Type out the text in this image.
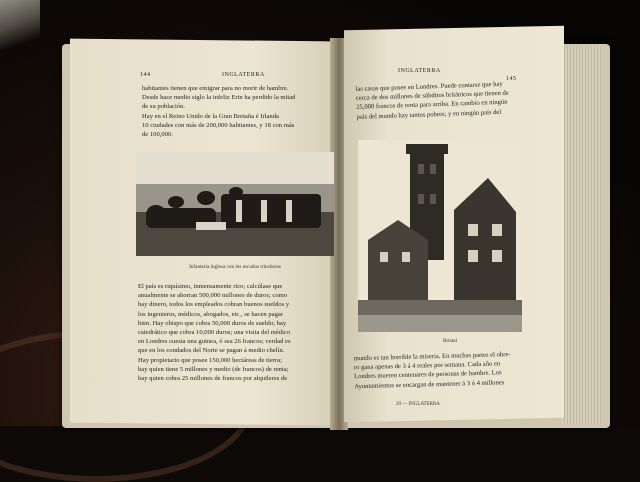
144	INGLATERRA
habitantes tienen que emigrar para no morir de hambre.
Desde hace medio siglo la infeliz Erin ha perdido la mitad
de su población.
Hay en el Reino Unido de la Gran Bretaña é Irlanda
10 ciudades con más de 200,000 habitantes, y 18 con más
de 100,000.
Infantería inglesa con los escudos trincheras
El país es riquísimo, inmensamente rico; calcúlase que
anualmente se ahorran 500,000 millones de duros; como
hay dinero, todos los empleados cobran buenos sueldos y
los ingenieros, médicos, abogados, etc., se hacen pagar
bien. Hay obispo que cobra 50,000 duros de sueldo; hay
catedrático que cobra 10,000 duros; una visita del médico
en Londres cuesta una guinea, ó sea 26 francos; verdad es
que en los condados del Norte se pagan á medio chelín.
Hay propietario que posee 150,000 hectáreas de tierra;
hay quien tiene 5 millones y medio (de francos) de renta;
hay quien cobra 25 millones de francos por alquileres de
INGLATERRA
145
las casas que posee en Londres. Puede contarse que hay
cerca de dos millones de súbditos británicos que tienen de
25,000 francos de renta para arriba. En cambio en ningún
país del mundo hay tantos pobres; y en ningún país del
Bristol
mundo es tan horrible la miseria. En muchas partes el obre-
ro gana apenas de 3 á 4 reales por semana. Cada año en
Londres mueren centenares de personas de hambre. Los
Ayuntamientos se encargan de mantener á 3 ó 4 millones
20 — INGLATERRA
